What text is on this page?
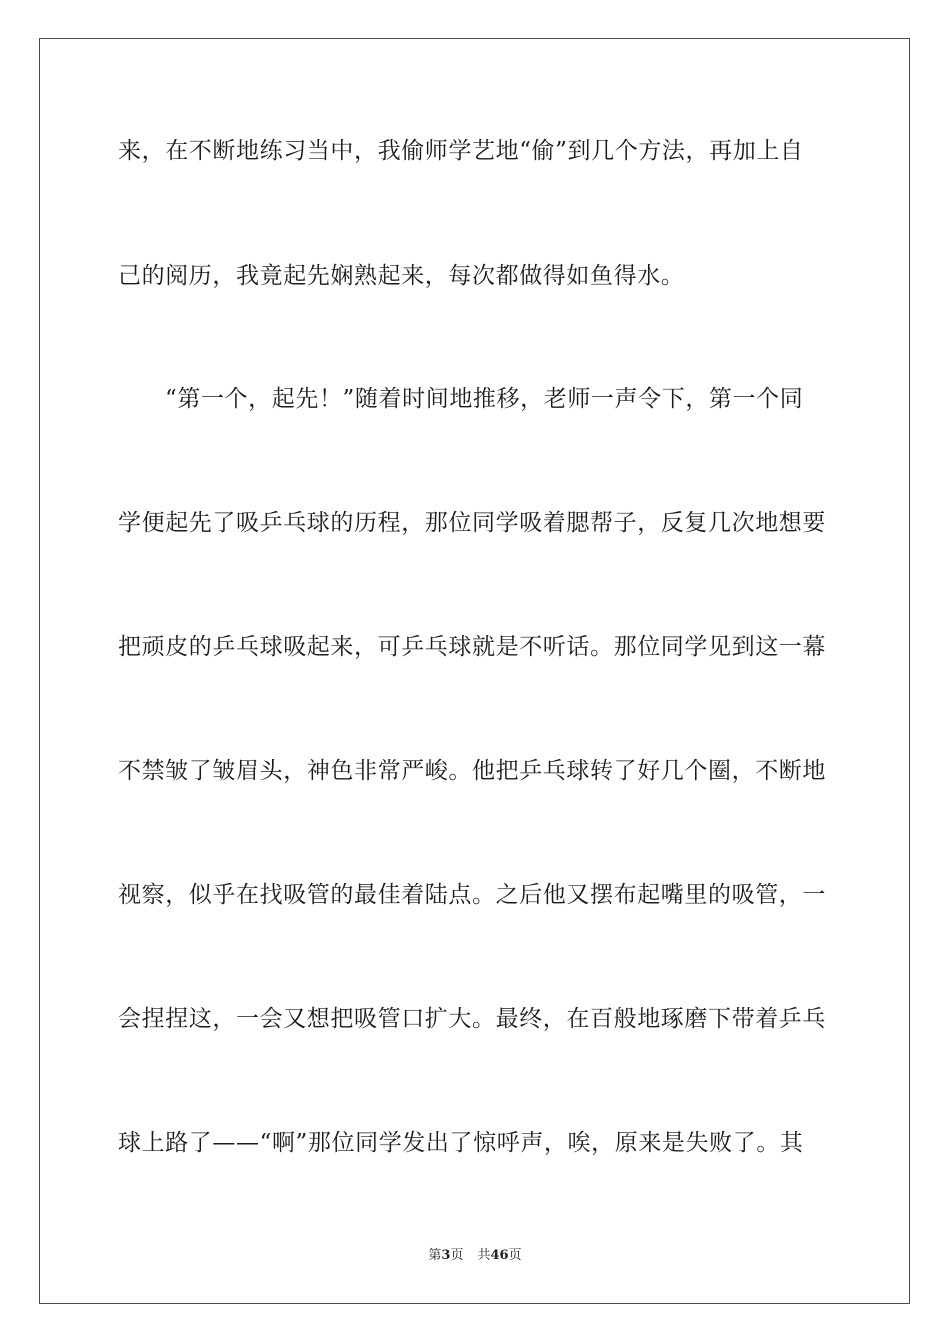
来，在不断地练习当中，我偷师学艺地“偷”到几个方法，再加上自
己的阅历，我竟起先娴熟起来，每次都做得如鱼得水。
“第一个，起先！”随着时间地推移，老师一声令下，第一个同
学便起先了吸乒乓球的历程，那位同学吸着腮帮子，反复几次地想要
把顽皮的乒乓球吸起来，可乒乓球就是不听话。那位同学见到这一幕
不禁皱了皱眉头，神色非常严峻。他把乒乓球转了好几个圈，不断地
视察，似乎在找吸管的最佳着陆点。之后他又摆布起嘴里的吸管，一
会捏捏这，一会又想把吸管口扩大。最终，在百般地琢磨下带着乒乓
球上路了——“啊”那位同学发出了惊呼声，唉，原来是失败了。其
第3页 共46页
